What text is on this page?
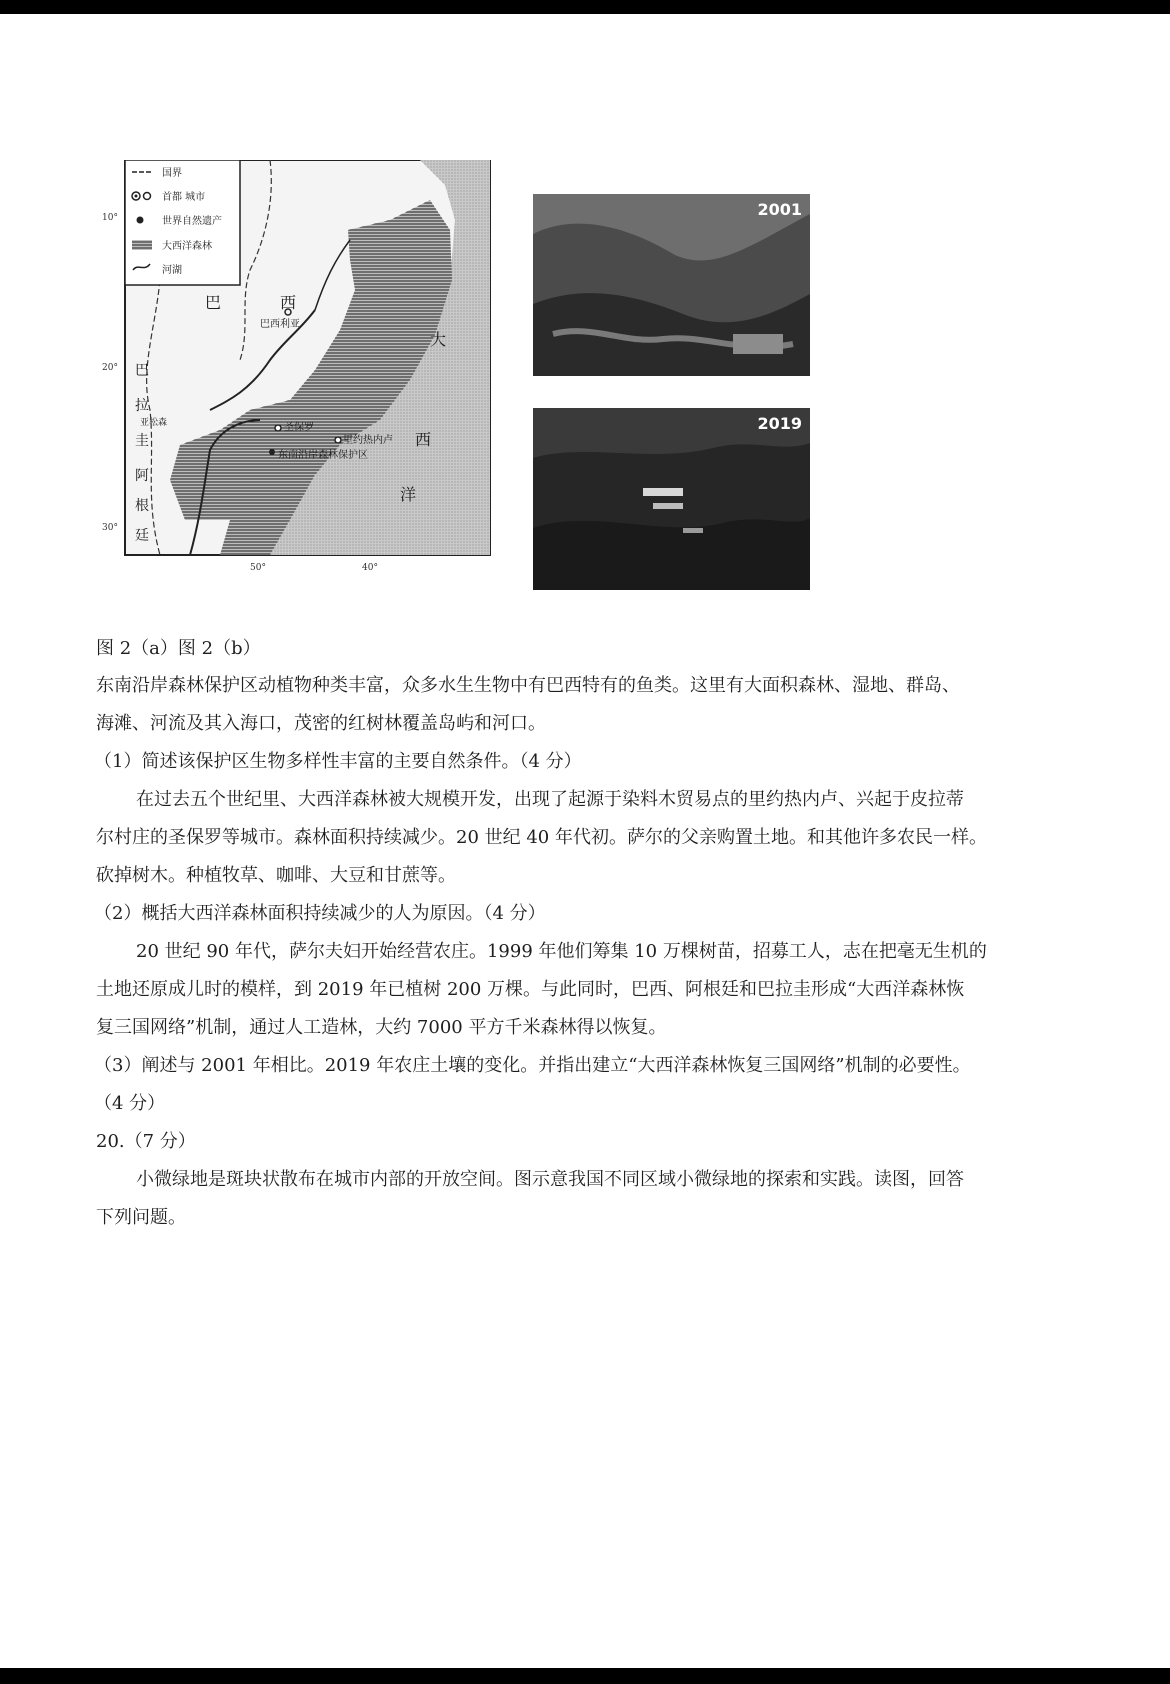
国界
首都 城市
世界自然遗产
大西洋森林
河湖
巴	西
巴西利亚
巴
拉
圭
亚松森
阿
根
廷
圣保罗
里约热内卢
东南沿岸森林保护区
大
西
洋
10°
20°
30°
50°	40°
2001
2019
图 2（a）图 2（b）

东南沿岸森林保护区动植物种类丰富，众多水生生物中有巴西特有的鱼类。这里有大面积森林、湿地、群岛、

海滩、河流及其入海口，茂密的红树林覆盖岛屿和河口。

（1）简述该保护区生物多样性丰富的主要自然条件。（4 分）

在过去五个世纪里、大西洋森林被大规模开发，出现了起源于染料木贸易点的里约热内卢、兴起于皮拉蒂

尔村庄的圣保罗等城市。森林面积持续减少。20 世纪 40 年代初。萨尔的父亲购置土地。和其他许多农民一样。

砍掉树木。种植牧草、咖啡、大豆和甘蔗等。

（2）概括大西洋森林面积持续减少的人为原因。（4 分）

20 世纪 90 年代，萨尔夫妇开始经营农庄。1999 年他们筹集 10 万棵树苗，招募工人，志在把毫无生机的

土地还原成儿时的模样，到 2019 年已植树 200 万棵。与此同时，巴西、阿根廷和巴拉圭形成“大西洋森林恢

复三国网络”机制，通过人工造林，大约 7000 平方千米森林得以恢复。

（3）阐述与 2001 年相比。2019 年农庄土壤的变化。并指出建立“大西洋森林恢复三国网络”机制的必要性。

（4 分）

20.（7 分）

小微绿地是斑块状散布在城市内部的开放空间。图示意我国不同区域小微绿地的探索和实践。读图，回答

下列问题。
